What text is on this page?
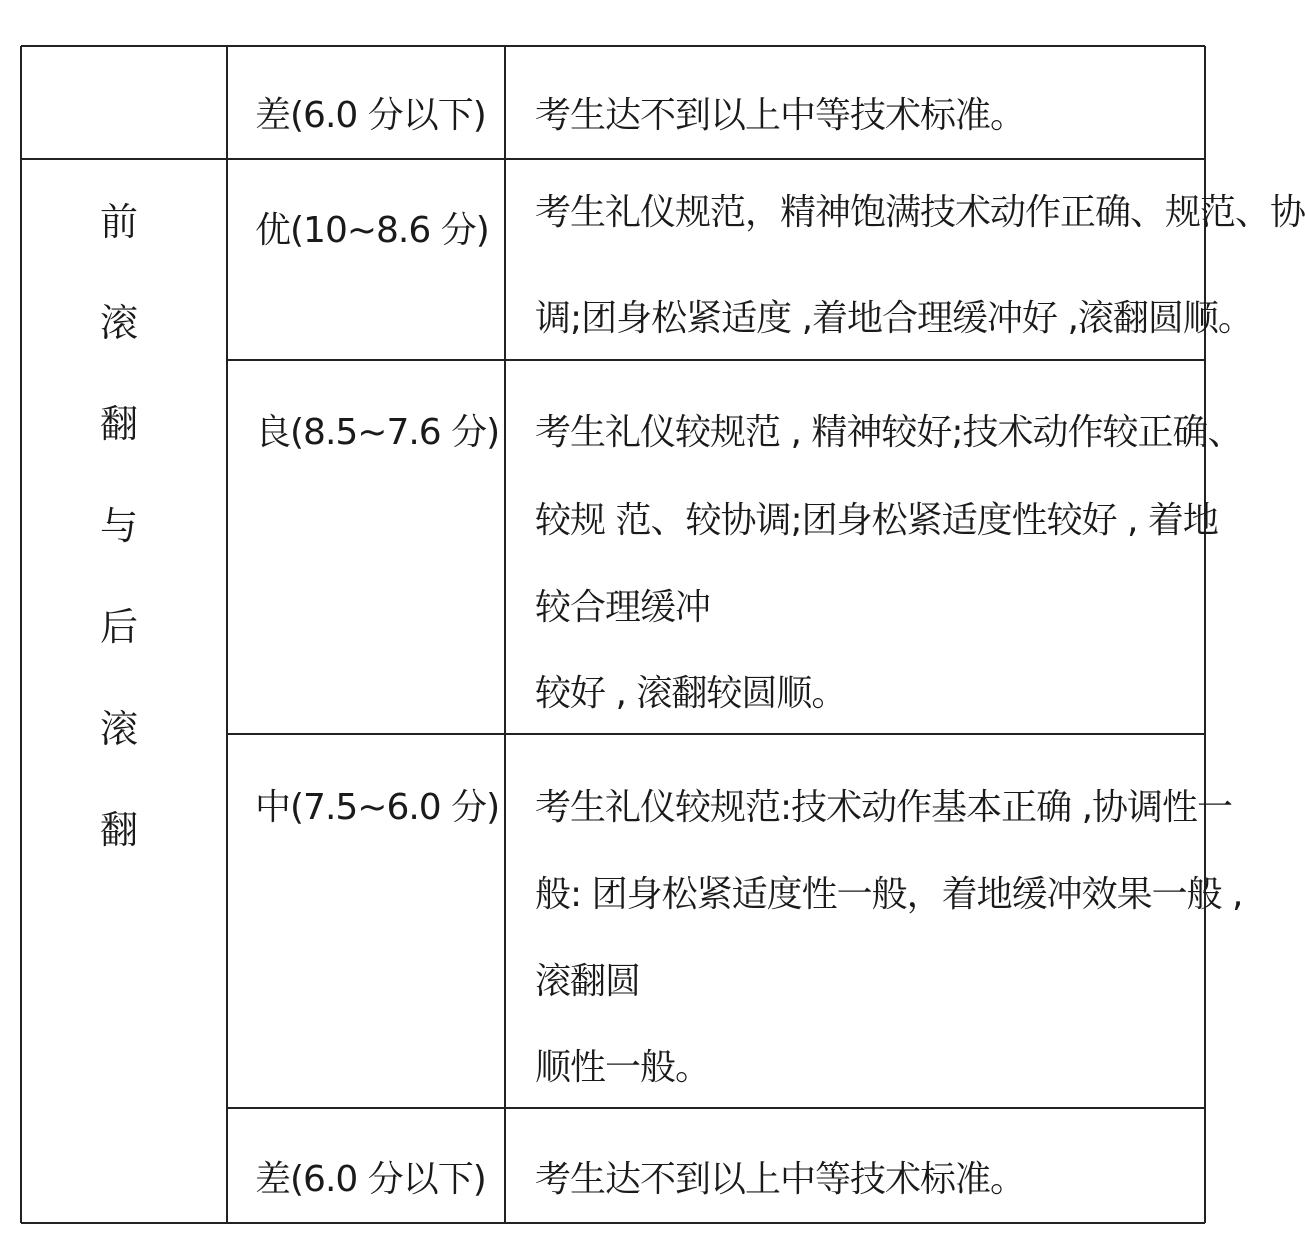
差(6.0 分以下) 考生达不到以上中等技术标准。
前
滚
翻
与
后
滚
翻
优(10~8.6 分) 考生礼仪规范，精神饱满技术动作正确、规范、协
调;团身松紧适度 ,着地合理缓冲好 ,滚翻圆顺。
良(8.5~7.6 分) 考生礼仪较规范 , 精神较好;技术动作较正确、
较规 范、较协调;团身松紧适度性较好 , 着地
较合理缓冲
较好 , 滚翻较圆顺。
中(7.5~6.0 分) 考生礼仪较规范:技术动作基本正确 ,协调性一
般: 团身松紧适度性一般，着地缓冲效果一般 ,
滚翻圆
顺性一般。
差(6.0 分以下) 考生达不到以上中等技术标准。
